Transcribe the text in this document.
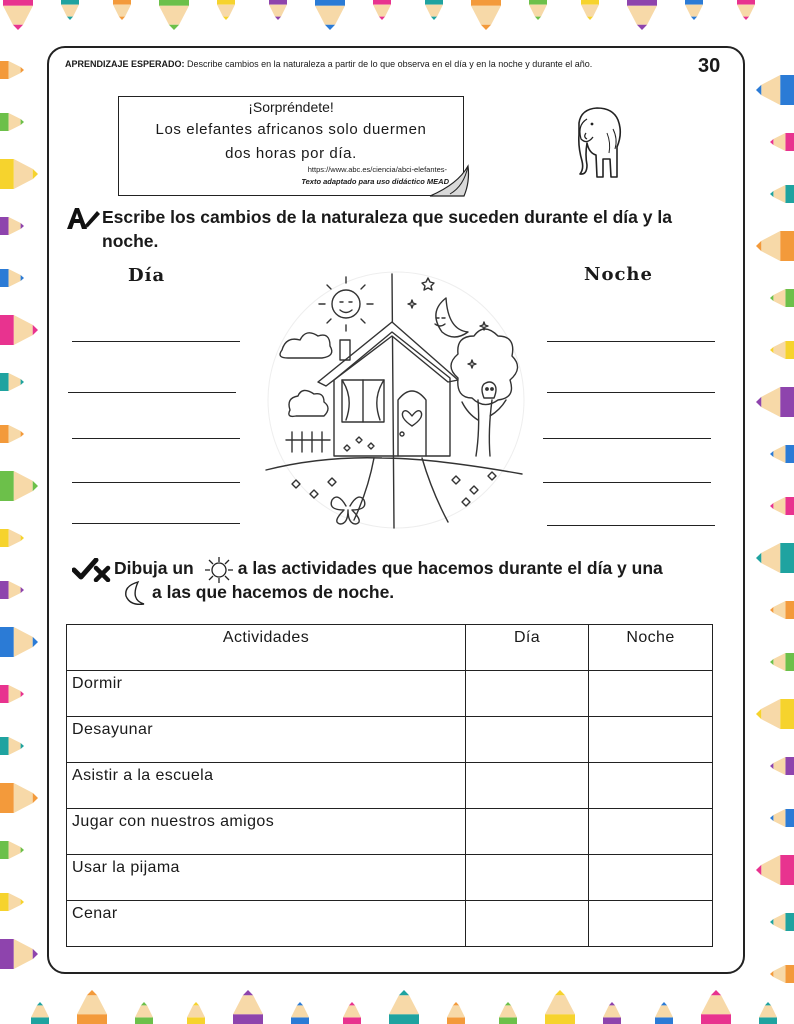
APRENDIZAJE ESPERADO: Describe cambios en la naturaleza a partir de lo que observa en el día y en la noche y durante el año.	30
¡Sorpréndete!
Los elefantes africanos solo duermen
dos horas por día.
https://www.abc.es/ciencia/abci-elefantes-
Texto adaptado para uso didáctico MEAD
Escribe los cambios de la naturaleza que suceden durante el día y la
noche.
Día	Noche
Dibuja un	a las actividades que hacemos durante el día y una
a las que hacemos de noche.
Actividades	Día	Noche
Dormir		
Desayunar		
Asistir a la escuela		
Jugar con nuestros amigos		
Usar la pijama		
Cenar		
